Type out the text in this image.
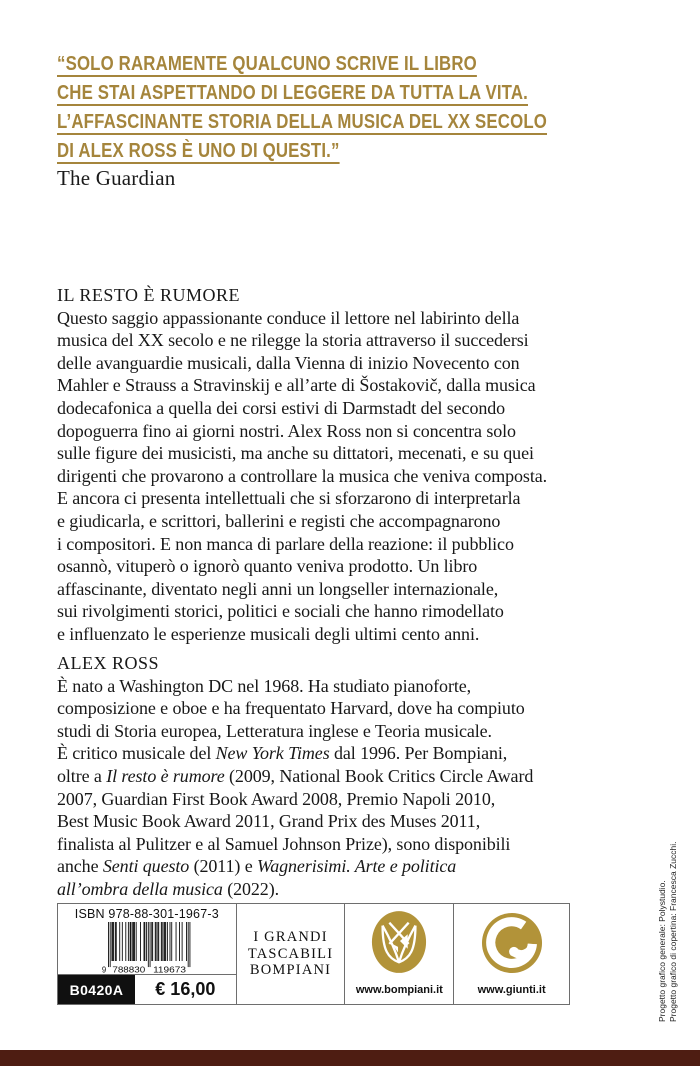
“SOLO RARAMENTE QUALCUNO SCRIVE IL LIBRO
CHE STAI ASPETTANDO DI LEGGERE DA TUTTA LA VITA.
L’AFFASCINANTE STORIA DELLA MUSICA DEL XX SECOLO
DI ALEX ROSS È UNO DI QUESTI.”
The Guardian
IL RESTO È RUMORE
Questo saggio appassionante conduce il lettore nel labirinto della
musica del XX secolo e ne rilegge la storia attraverso il succedersi
delle avanguardie musicali, dalla Vienna di inizio Novecento con
Mahler e Strauss a Stravinskij e all’arte di Šostakovič, dalla musica
dodecafonica a quella dei corsi estivi di Darmstadt del secondo
dopoguerra fino ai giorni nostri. Alex Ross non si concentra solo
sulle figure dei musicisti, ma anche su dittatori, mecenati, e su quei
dirigenti che provarono a controllare la musica che veniva composta.
E ancora ci presenta intellettuali che si sforzarono di interpretarla
e giudicarla, e scrittori, ballerini e registi che accompagnarono
i compositori. E non manca di parlare della reazione: il pubblico
osannò, vituperò o ignorò quanto veniva prodotto. Un libro
affascinante, diventato negli anni un longseller internazionale,
sui rivolgimenti storici, politici e sociali che hanno rimodellato
e influenzato le esperienze musicali degli ultimi cento anni.
ALEX ROSS
È nato a Washington DC nel 1968. Ha studiato pianoforte,
composizione e oboe e ha frequentato Harvard, dove ha compiuto
studi di Storia europea, Letteratura inglese e Teoria musicale.
È critico musicale del New York Times dal 1996. Per Bompiani,
oltre a Il resto è rumore (2009, National Book Critics Circle Award
2007, Guardian First Book Award 2008, Premio Napoli 2010,
Best Music Book Award 2011, Grand Prix des Muses 2011,
finalista al Pulitzer e al Samuel Johnson Prize), sono disponibili
anche Senti questo (2011) e Wagnerisimi. Arte e politica
all’ombra della musica (2022).
ISBN 978-88-301-1967-3
9 788830 119673
B0420A	€ 16,00
I GRANDI
TASCABILI
BOMPIANI
www.bompiani.it	www.giunti.it	Progetto grafico generale: Polystudio. Progetto grafico di copertina: Francesca Zucchi.
